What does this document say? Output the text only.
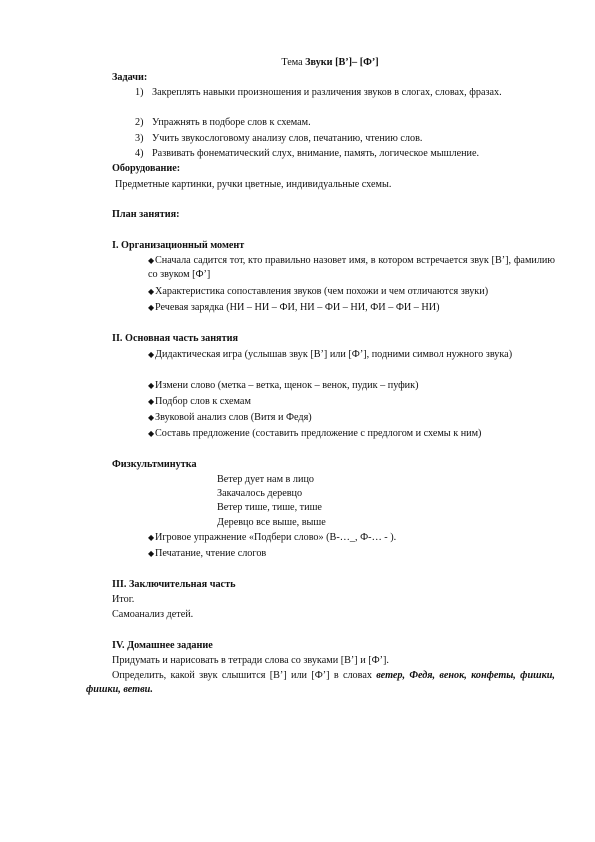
Тема Звуки [В’]– [Ф’]
Задачи:
1) Закреплять навыки произношения и различения звуков в слогах, словах, фразах.
2) Упражнять в подборе слов к схемам.
3) Учить звукослоговому анализу слов, печатанию, чтению слов.
4) Развивать фонематический слух, внимание, память, логическое мышление.
Оборудование:
Предметные картинки, ручки цветные, индивидуальные схемы.
План занятия:
I. Организационный момент
◆Сначала садится тот, кто правильно назовет имя, в котором встречается звук [В’], фамилию со звуком [Ф’]
◆Характеристика сопоставления звуков (чем похожи и чем отличаются звуки)
◆Речевая зарядка (НИ – НИ – ФИ, НИ – ФИ – НИ, ФИ – ФИ – НИ)
II. Основная часть занятия
◆Дидактическая игра (услышав звук [В’] или [Ф’], подними символ нужного звука)
◆Измени слово (метка – ветка, щенок – венок, пудик – пуфик)
◆Подбор слов к схемам
◆Звуковой анализ слов (Витя и Федя)
◆Составь предложение (составить предложение с предлогом и схемы к ним)
Физкультминутка
Ветер дует нам в лицо
Закачалось деревцо
Ветер тише, тише, тише
Деревцо все выше, выше
◆Игровое упражнение «Подбери слово» (В-…_, Ф-… - ).
◆Печатание, чтение слогов
III. Заключительная часть
Итог.
Самоанализ детей.
IV. Домашнее задание
Придумать и нарисовать в тетради слова со звуками [В’] и [Ф’].
Определить, какой звук слышится [В’] или [Ф’] в словах ветер, Федя, венок, конфеты, фишки, фишки, ветви.
